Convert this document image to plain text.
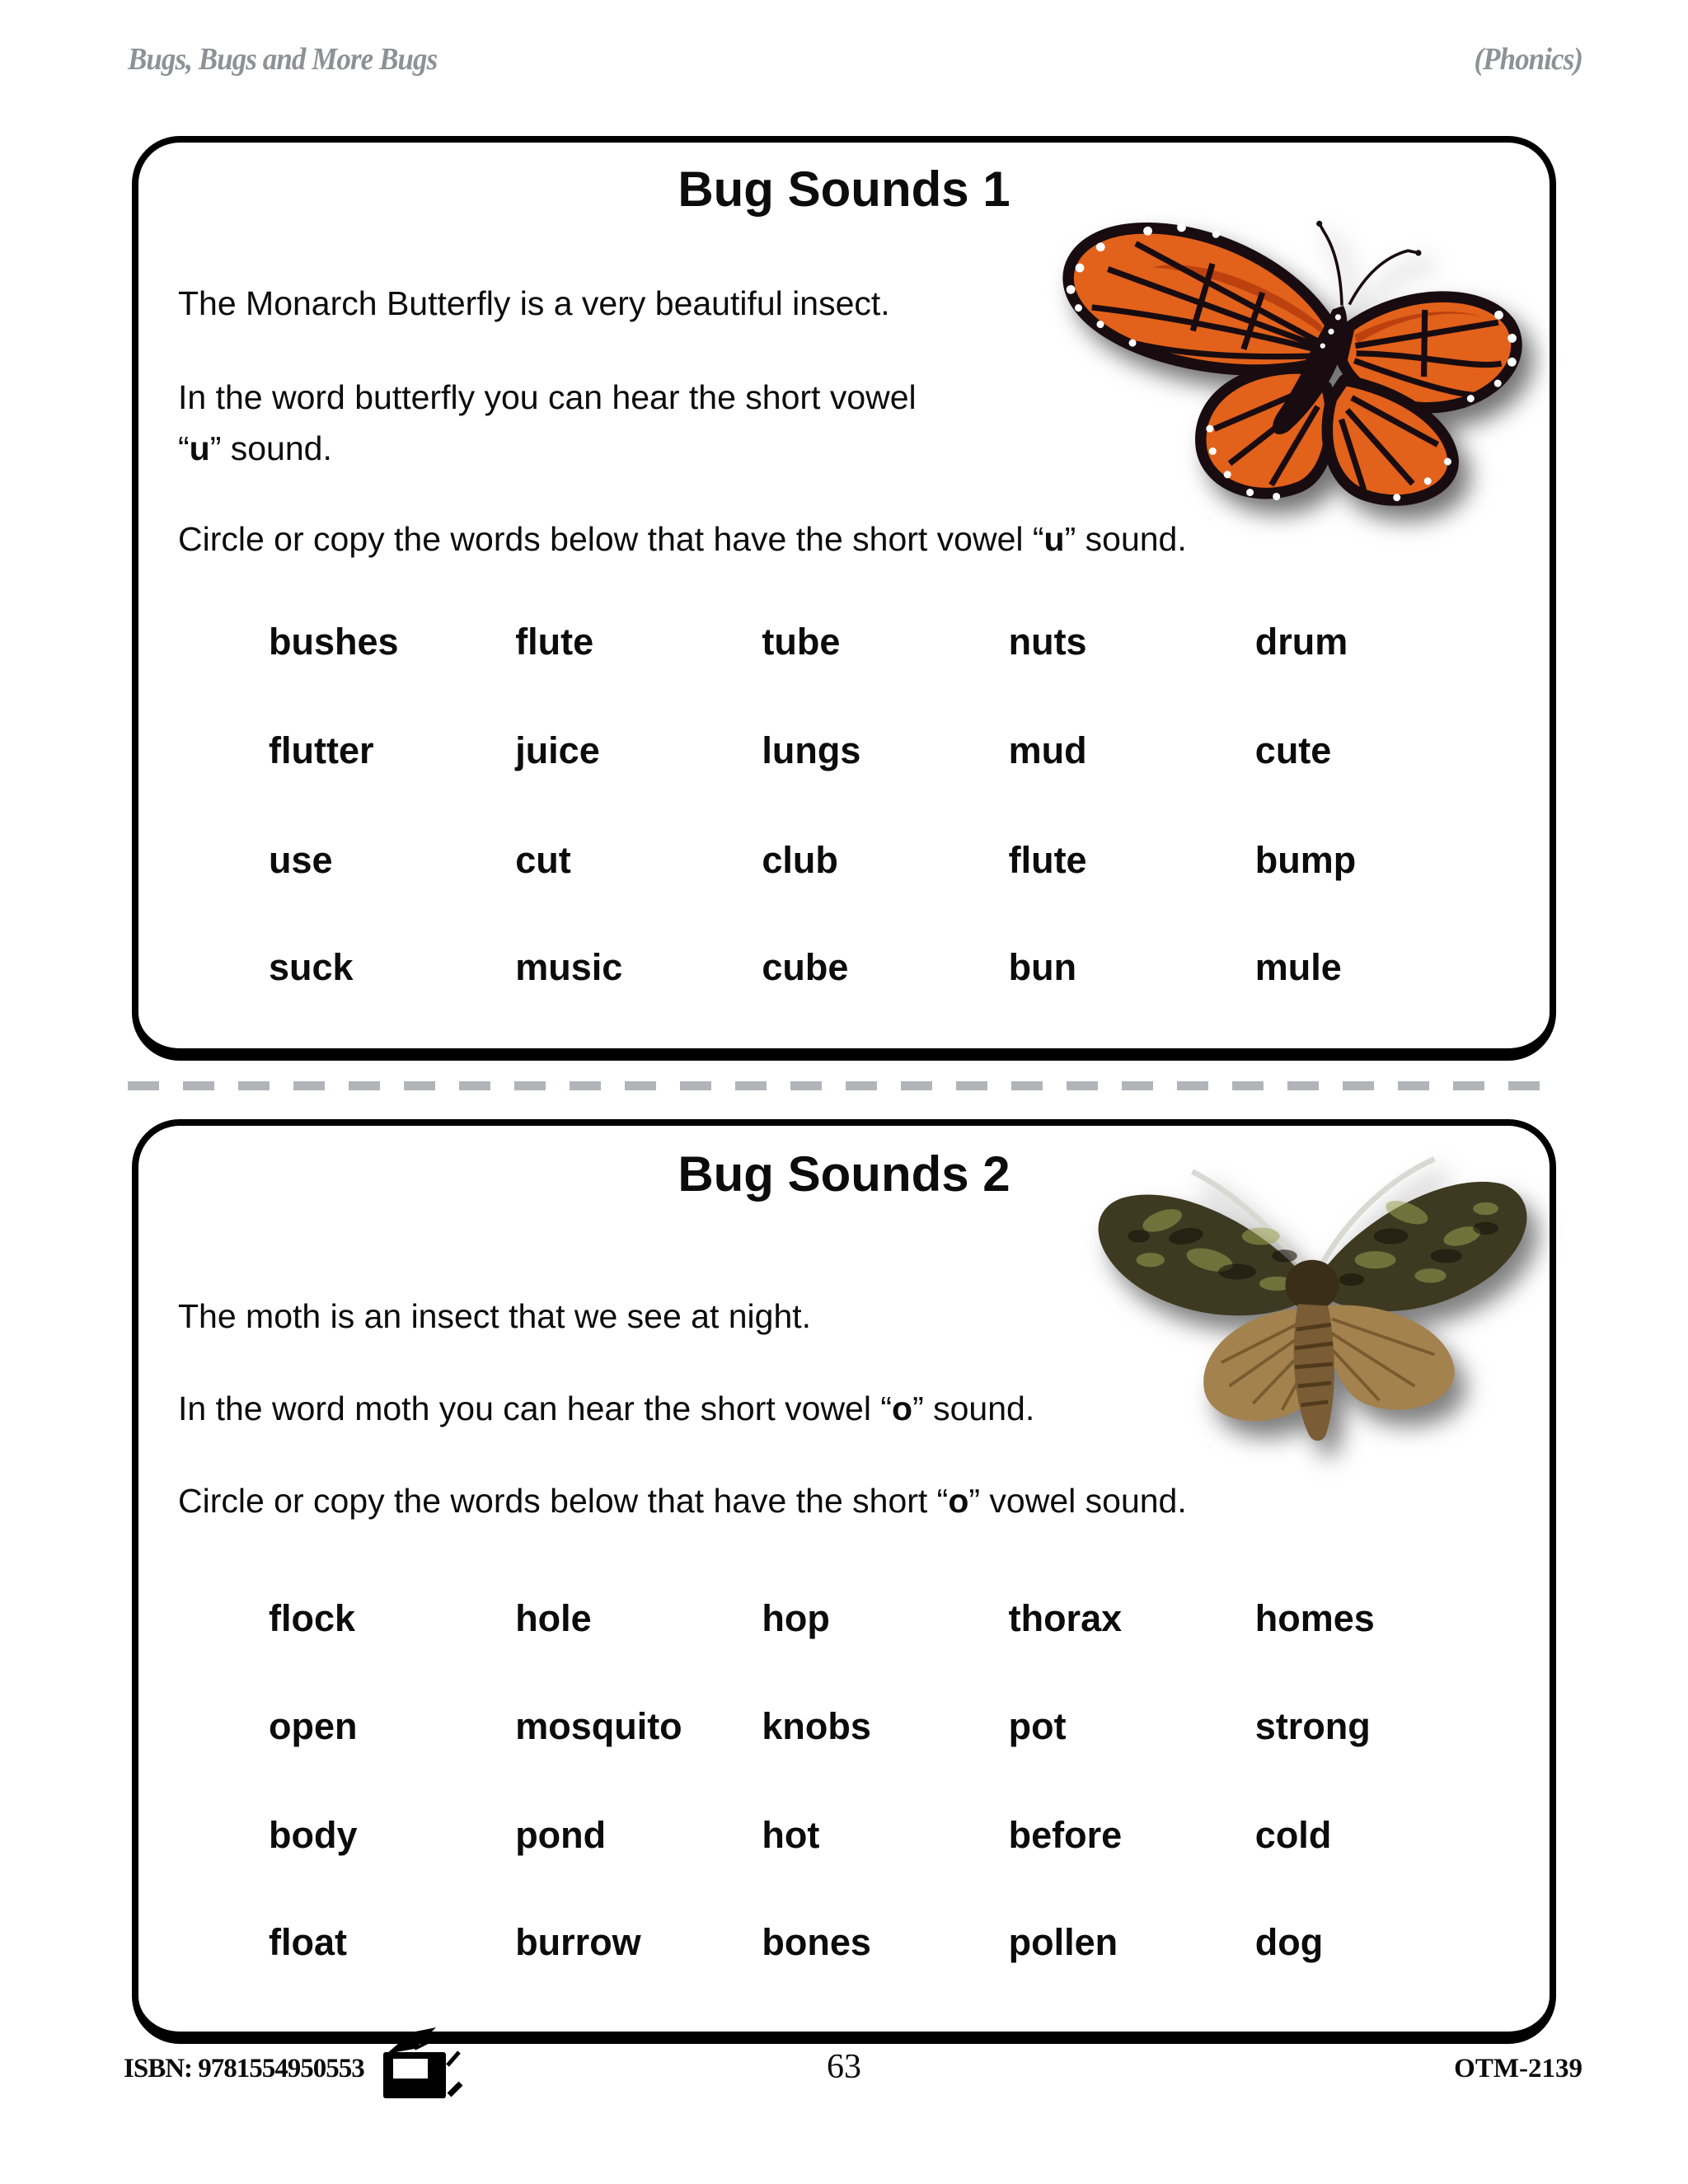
Bugs, Bugs and More Bugs	(Phonics)
Bug Sounds 1
The Monarch Butterfly is a very beautiful insect.
In the word butterfly you can hear the short vowel
“u” sound.
Circle or copy the words below that have the short vowel “u” sound.
bushes	flute	tube	nuts	drum
flutter	juice	lungs	mud	cute
use	cut	club	flute	bump
suck	music	cube	bun	mule
Bug Sounds 2
The moth is an insect that we see at night.
In the word moth you can hear the short vowel “o” sound.
Circle or copy the words below that have the short “o” vowel sound.
flock	hole	hop	thorax	homes
open	mosquito	knobs	pot	strong
body	pond	hot	before	cold
float	burrow	bones	pollen	dog
ISBN: 9781554950553	63	OTM-2139
